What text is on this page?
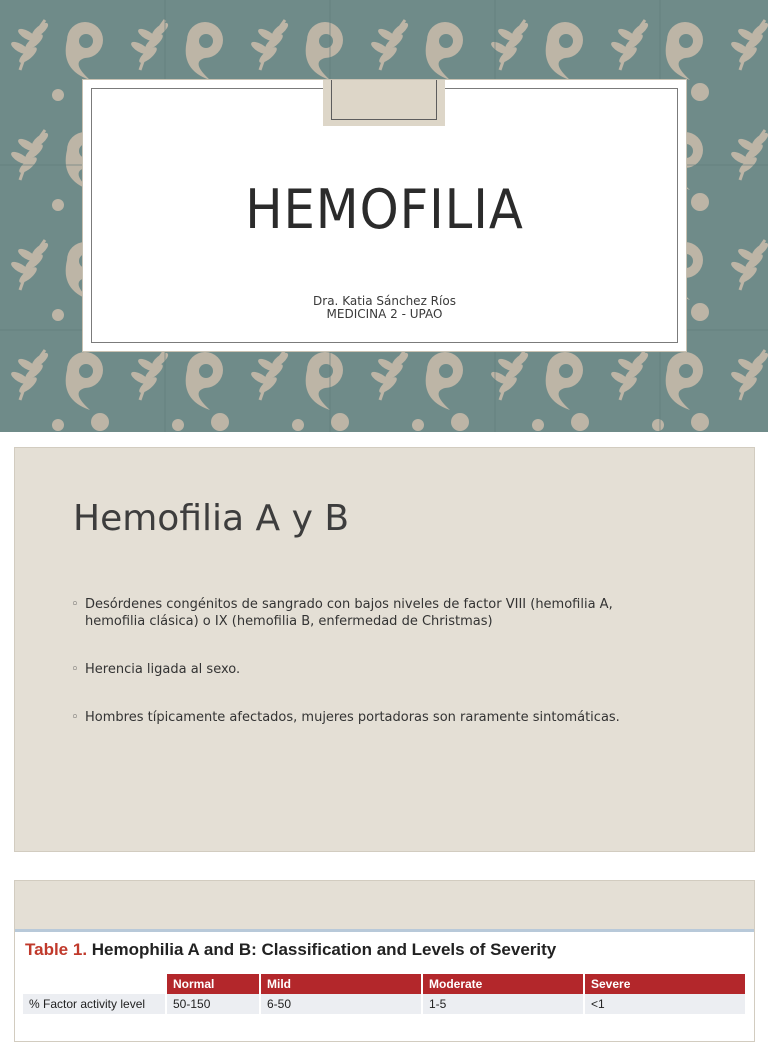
HEMOFILIA
Dra. Katia Sánchez Ríos
MEDICINA 2 - UPAO
Hemofilia A y B
◦ Desórdenes congénitos de sangrado con bajos niveles de factor VIII (hemofilia A, hemofilia clásica) o IX (hemofilia B, enfermedad de Christmas)
◦ Herencia ligada al sexo.
◦ Hombres típicamente afectados, mujeres portadoras son raramente sintomáticas.
Table 1. Hemophilia A and B: Classification and Levels of Severity
	Normal	Mild	Moderate	Severe
% Factor activity level	50-150	6-50	1-5	<1
